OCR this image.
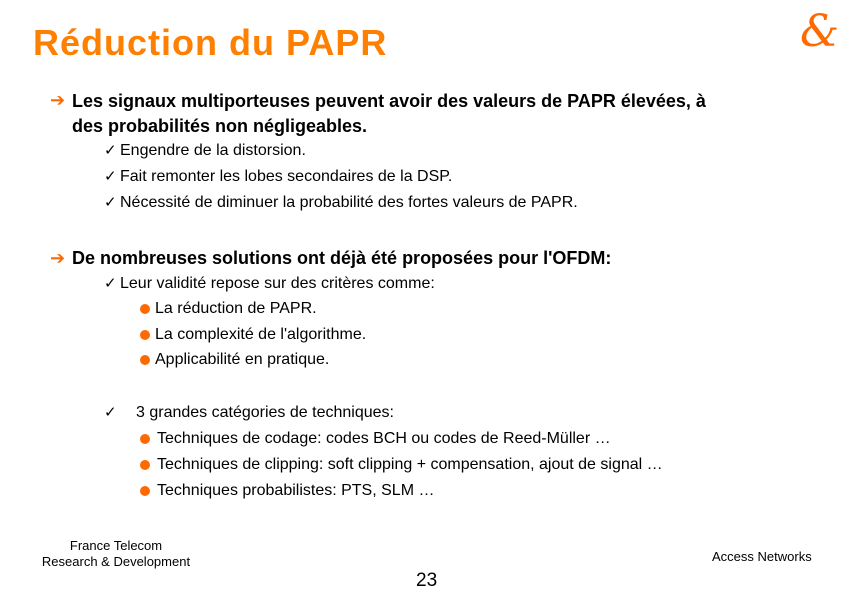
Réduction du PAPR	&
➔ Les signaux multiporteuses peuvent avoir des valeurs de PAPR élevées, à
des probabilités non négligeables.
✓ Engendre de la distorsion.
✓ Fait remonter les lobes secondaires de la DSP.
✓ Nécessité de diminuer la probabilité des fortes valeurs de PAPR.
➔ De nombreuses solutions ont déjà été proposées pour l'OFDM:
✓ Leur validité repose sur des critères comme:
La réduction de PAPR.
La complexité de l'algorithme.
Applicabilité en pratique.
✓ 3 grandes catégories de techniques:
Techniques de codage: codes BCH ou codes de Reed-Müller …
Techniques de clipping: soft clipping + compensation, ajout de signal …
Techniques probabilistes: PTS, SLM …
France Telecom
Research & Development	Access Networks
23
